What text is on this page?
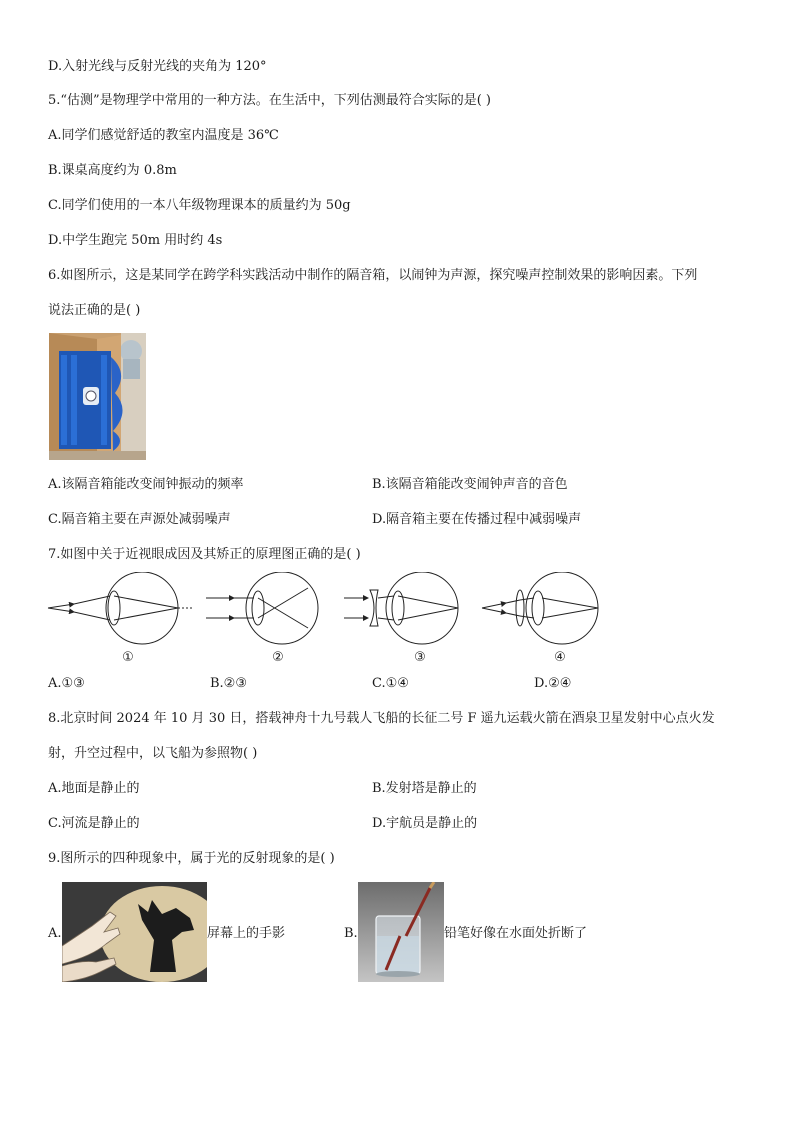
D.入射光线与反射光线的夹角为 120°
5.“估测”是物理学中常用的一种方法。在生活中，下列估测最符合实际的是( )
A.同学们感觉舒适的教室内温度是 36℃
B.课桌高度约为 0.8m
C.同学们使用的一本八年级物理课本的质量约为 50g
D.中学生跑完 50m 用时约 4s
6.如图所示，这是某同学在跨学科实践活动中制作的隔音箱，以闹钟为声源，探究噪声控制效果的影响因素。下列
说法正确的是( )
A.该隔音箱能改变闹钟振动的频率	B.该隔音箱能改变闹钟声音的音色
C.隔音箱主要在声源处减弱噪声	D.隔音箱主要在传播过程中减弱噪声
7.如图中关于近视眼成因及其矫正的原理图正确的是( )
①	②	③	④
A.①③	B.②③	C.①④	D.②④
8.北京时间 2024 年 10 月 30 日，搭载神舟十九号载人飞船的长征二号 F 遥九运载火箭在酒泉卫星发射中心点火发
射，升空过程中，以飞船为参照物( )
A.地面是静止的	B.发射塔是静止的
C.河流是静止的	D.宇航员是静止的
9.图所示的四种现象中，属于光的反射现象的是( )
A.	屏幕上的手影	B.	铅笔好像在水面处折断了
